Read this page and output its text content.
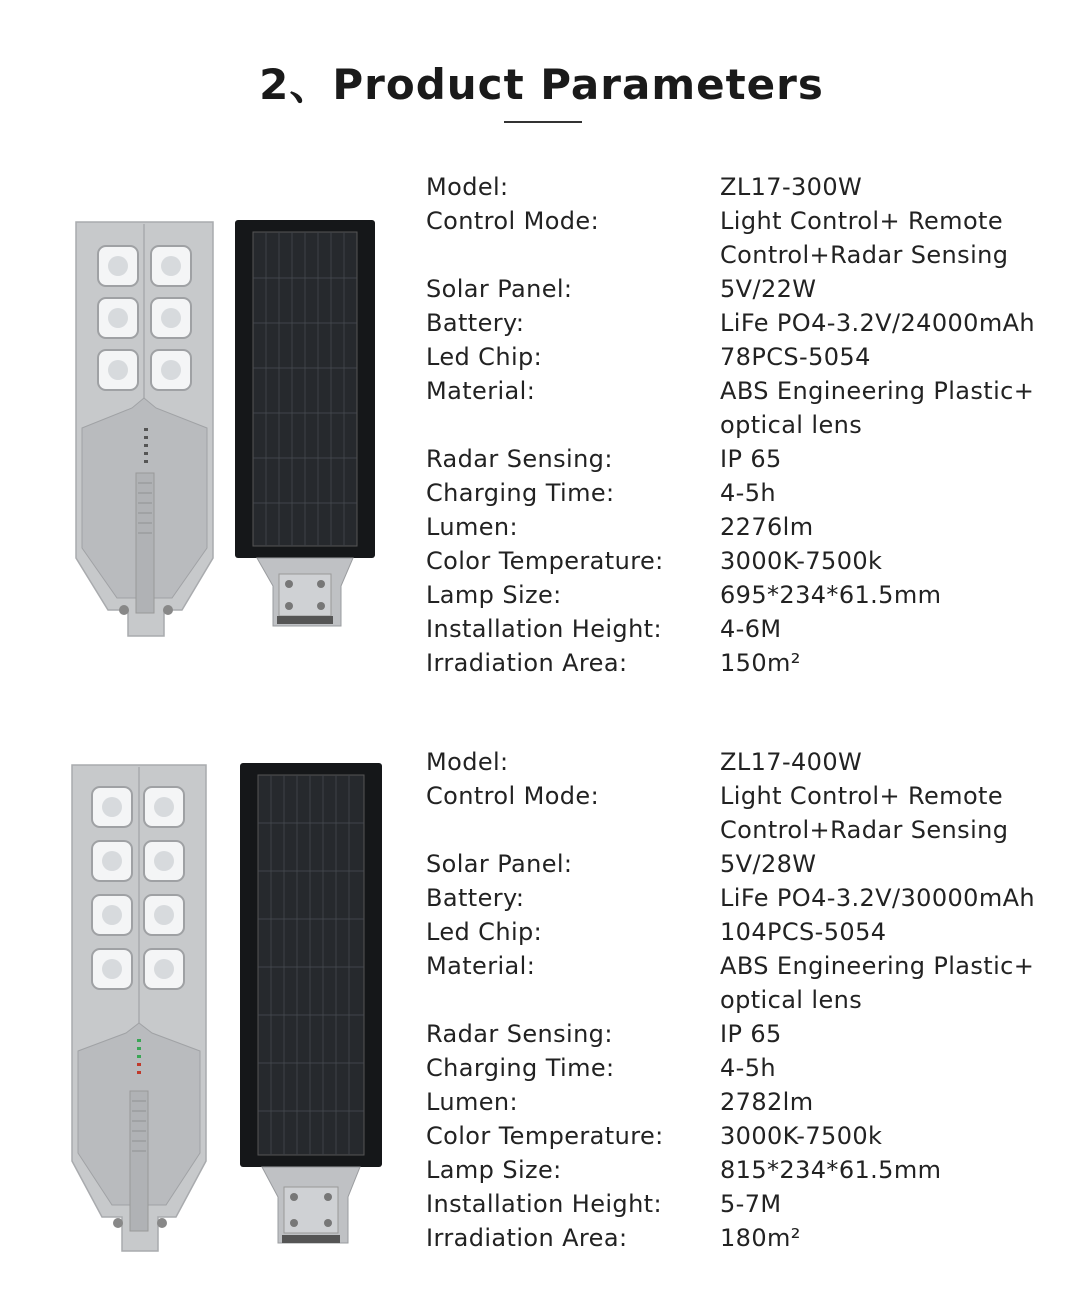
2、Product Parameters
Model:	ZL17-300W
Control Mode:	Light Control+ Remote Control+Radar Sensing
Solar Panel:	5V/22W
Battery:	LiFe PO4-3.2V/24000mAh
Led Chip:	78PCS-5054
Material:	ABS Engineering Plastic+ optical lens
Radar Sensing:	IP 65
Charging Time:	4-5h
Lumen:	2276lm
Color Temperature:	3000K-7500k
Lamp Size:	695*234*61.5mm
Installation Height:	4-6M
Irradiation Area:	150m²
Model:	ZL17-400W
Control Mode:	Light Control+ Remote Control+Radar Sensing
Solar Panel:	5V/28W
Battery:	LiFe PO4-3.2V/30000mAh
Led Chip:	104PCS-5054
Material:	ABS Engineering Plastic+ optical lens
Radar Sensing:	IP 65
Charging Time:	4-5h
Lumen:	2782lm
Color Temperature:	3000K-7500k
Lamp Size:	815*234*61.5mm
Installation Height:	5-7M
Irradiation Area:	180m²
